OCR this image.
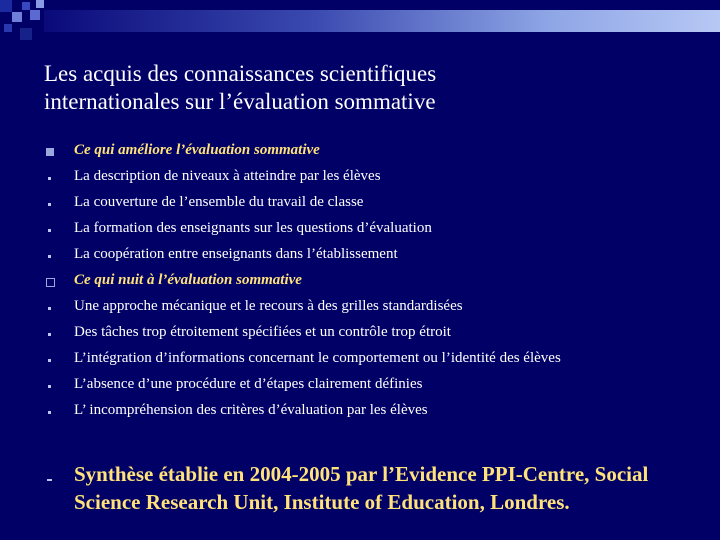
Les acquis des connaissances scientifiques
internationales sur l’évaluation sommative
Ce qui améliore l’évaluation sommative
La description de niveaux à atteindre par les élèves
La couverture de l’ensemble du travail de classe
La formation des enseignants sur les questions d’évaluation
La coopération entre enseignants dans l’établissement
Ce qui nuit à l’évaluation sommative
Une approche mécanique et le recours à des grilles standardisées
Des tâches trop étroitement spécifiées et un contrôle trop étroit
L’intégration d’informations concernant le comportement ou l’identité des élèves
L’absence d’une procédure et d’étapes clairement définies
L’ incompréhension des critères d’évaluation par les élèves
Synthèse établie en 2004-2005 par l’Evidence PPI-Centre, Social Science Research Unit, Institute of Education, Londres.
